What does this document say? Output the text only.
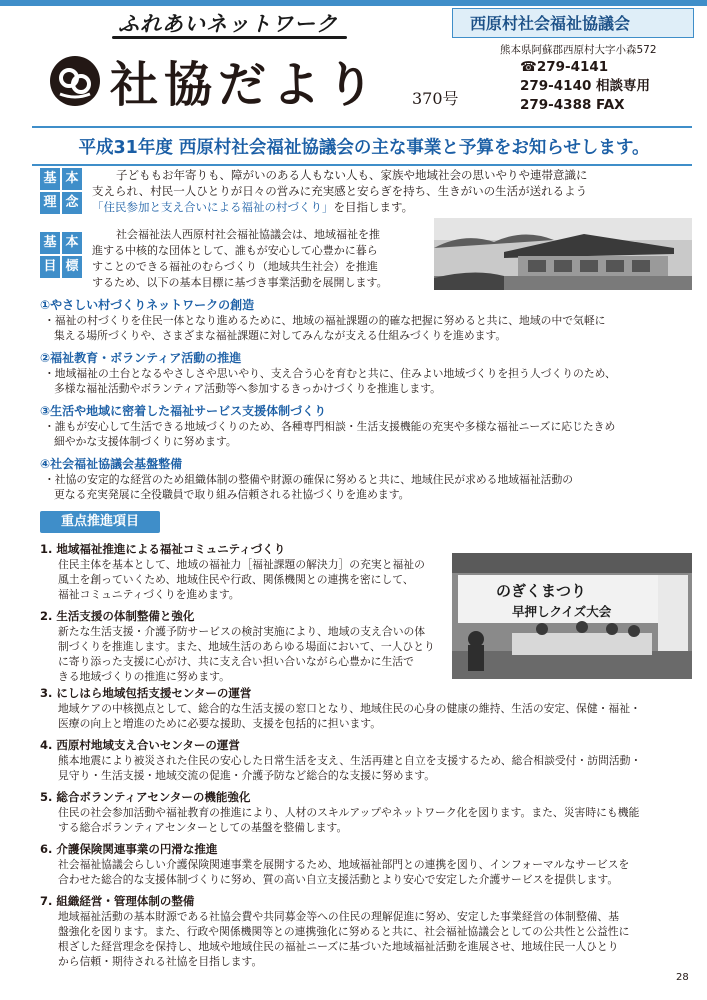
ふれあいネットワーク
社協だより 370号
西原村社会福祉協議会
熊本県阿蘇郡西原村大字小森572
☎279-4141
279-4140 相談専用
279-4388 FAX
平成31年度 西原村社会福祉協議会の主な事業と予算をお知らせします。
基 本
理 念
子どももお年寄りも、障がいのある人もない人も、家族や地域社会の思いやりや連帯意識に
支えられ、村民一人ひとりが日々の営みに充実感と安らぎを持ち、生きがいの生活が送れるよう
「住民参加と支え合いによる福祉の村づくり」を目指します。
基 本
目 標
社会福祉法人西原村社会福祉協議会は、地域福祉を推
進する中核的な団体として、誰もが安心して心豊かに暮ら
すことのできる福祉のむらづくり（地域共生社会）を推進
するため、以下の基本目標に基づき事業活動を展開します。
①やさしい村づくりネットワークの創造
・福祉の村づくりを住民一体となり進めるために、地域の福祉課題の的確な把握に努めると共に、地域の中で気軽に
集える場所づくりや、さまざまな福祉課題に対してみんなが支える仕組みづくりを進めます。
②福祉教育・ボランティア活動の推進
・地域福祉の土台となるやさしさや思いやり、支え合う心を育むと共に、住みよい地域づくりを担う人づくりのため、
多様な福祉活動やボランティア活動等へ参加するきっかけづくりを推進します。
③生活や地域に密着した福祉サービス支援体制づくり
・誰もが安心して生活できる地域づくりのため、各種専門相談・生活支援機能の充実や多様な福祉ニーズに応じたきめ
細やかな支援体制づくりに努めます。
④社会福祉協議会基盤整備
・社協の安定的な経営のため組織体制の整備や財源の確保に努めると共に、地域住民が求める地域福祉活動の
更なる充実発展に全役職員で取り組み信頼される社協づくりを進めます。
重点推進項目
1. 地域福祉推進による福祉コミュニティづくり
住民主体を基本として、地域の福祉力［福祉課題の解決力］の充実と福祉の
風土を創っていくため、地域住民や行政、関係機関との連携を密にして、
福祉コミュニティづくりを進めます。
2. 生活支援の体制整備と強化
新たな生活支援・介護予防サービスの検討実施により、地域の支え合いの体
制づくりを推進します。また、地域生活のあらゆる場面において、一人ひとり
に寄り添った支援に心がけ、共に支え合い担い合いながら心豊かに生活で
きる地域づくりの推進に努めます。
のぎくまつり
早押しクイズ大会
3. にしはら地域包括支援センターの運営
地域ケアの中核拠点として、総合的な生活支援の窓口となり、地域住民の心身の健康の維持、生活の安定、保健・福祉・
医療の向上と増進のために必要な援助、支援を包括的に担います。
4. 西原村地域支え合いセンターの運営
熊本地震により被災された住民の安心した日常生活を支え、生活再建と自立を支援するため、総合相談受付・訪問活動・
見守り・生活支援・地域交流の促進・介護予防など総合的な支援に努めます。
5. 総合ボランティアセンターの機能強化
住民の社会参加活動や福祉教育の推進により、人材のスキルアップやネットワーク化を図ります。また、災害時にも機能
する総合ボランティアセンターとしての基盤を整備します。
6. 介護保険関連事業の円滑な推進
社会福祉協議会らしい介護保険関連事業を展開するため、地域福祉部門との連携を図り、インフォーマルなサービスを
合わせた総合的な支援体制づくりに努め、質の高い自立支援活動とより安心で安定した介護サービスを提供します。
7. 組織経営・管理体制の整備
地域福祉活動の基本財源である社協会費や共同募金等への住民の理解促進に努め、安定した事業経営の体制整備、基
盤強化を図ります。また、行政や関係機関等との連携強化に努めると共に、社会福祉協議会としての公共性と公益性に
根ざした経営理念を保持し、地域や地域住民の福祉ニーズに基づいた地域福祉活動を進展させ、地域住民一人ひとり
から信頼・期待される社協を目指します。
28
